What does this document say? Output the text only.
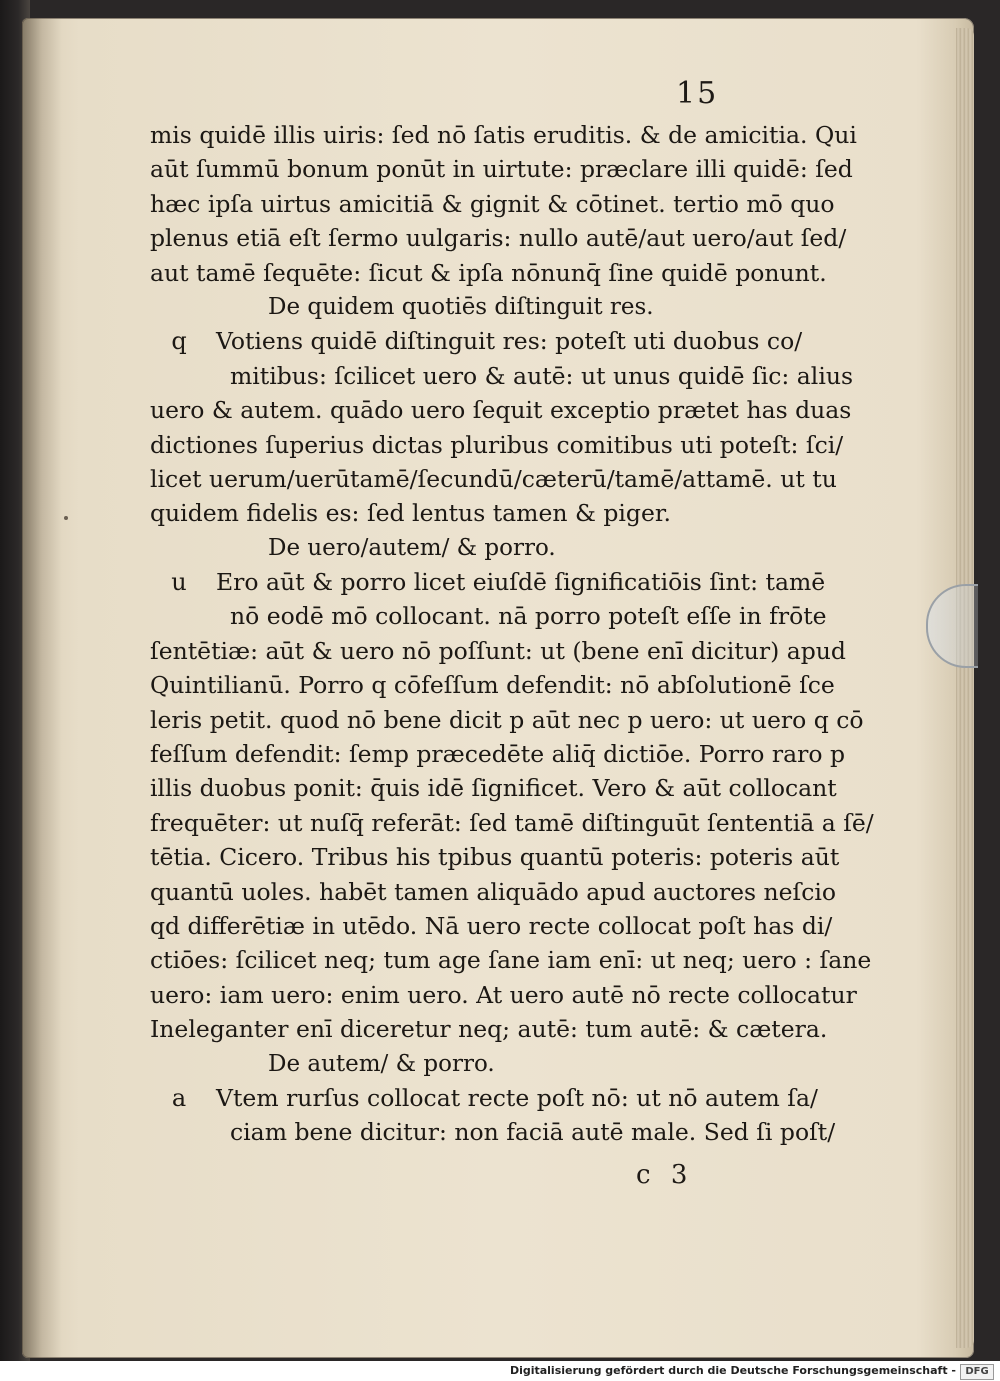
15
mis quidē illis uiris: ſed nō ſatis eruditis. & de amicitia. Qui
aūt ſummū bonum ponūt in uirtute: præclare illi quidē: ſed
hæc ipſa uirtus amicitiā & gignit & cōtinet. tertio mō quo
plenus etiā eſt ſermo uulgaris: nullo autē/aut uero/aut ſed/
aut tamē ſequēte: ſicut & ipſa nōnunq̄ ſine quidē ponunt.
De quidem quotiēs diſtinguit res.
q	Votiens quidē diſtinguit res: poteſt uti duobus co/
mitibus: ſcilicet uero & autē: ut unus quidē ſic: alius
uero & autem. quādo uero ſequit exceptio prætet has duas
dictiones ſuperius dictas pluribus comitibus uti poteſt: ſci/
licet uerum/uerūtamē/ſecundū/cæterū/tamē/attamē. ut tu
quidem fidelis es: ſed lentus tamen & piger.
De uero/autem/ & porro.
u	Ero aūt & porro licet eiuſdē ſignificatiōis ſint: tamē
nō eodē mō collocant. nā porro poteſt eſſe in frōte
ſentētiæ: aūt & uero nō poſſunt: ut (bene enī dicitur) apud
Quintilianū. Porro q cōfeſſum defendit: nō abſolutionē ſce
leris petit. quod nō bene dicit p aūt nec p uero: ut uero q cō
feſſum defendit: ſemp præcedēte aliq̄ dictiōe. Porro raro p
illis duobus ponit: q̄uis idē ſignificet. Vero & aūt collocant
frequēter: ut nuſq̄ referāt: ſed tamē diſtinguūt ſententiā a ſē/
tētia. Cicero. Tribus his tpibus quantū poteris: poteris aūt
quantū uoles. habēt tamen aliquādo apud auctores neſcio
qd differētiæ in utēdo. Nā uero recte collocat poſt has di/
ctiōes: ſcilicet neq; tum age ſane iam enī: ut neq; uero : ſane
uero: iam uero: enim uero. At uero autē nō recte collocatur
Ineleganter enī diceretur neq; autē: tum autē: & cætera.
De autem/ & porro.
a	Vtem rurſus collocat recte poſt nō: ut nō autem ſa/
ciam bene dicitur: non faciā autē male. Sed ſi poſt/
c 3
Digitalisierung gefördert durch die Deutsche Forschungsgemeinschaft - DFG
